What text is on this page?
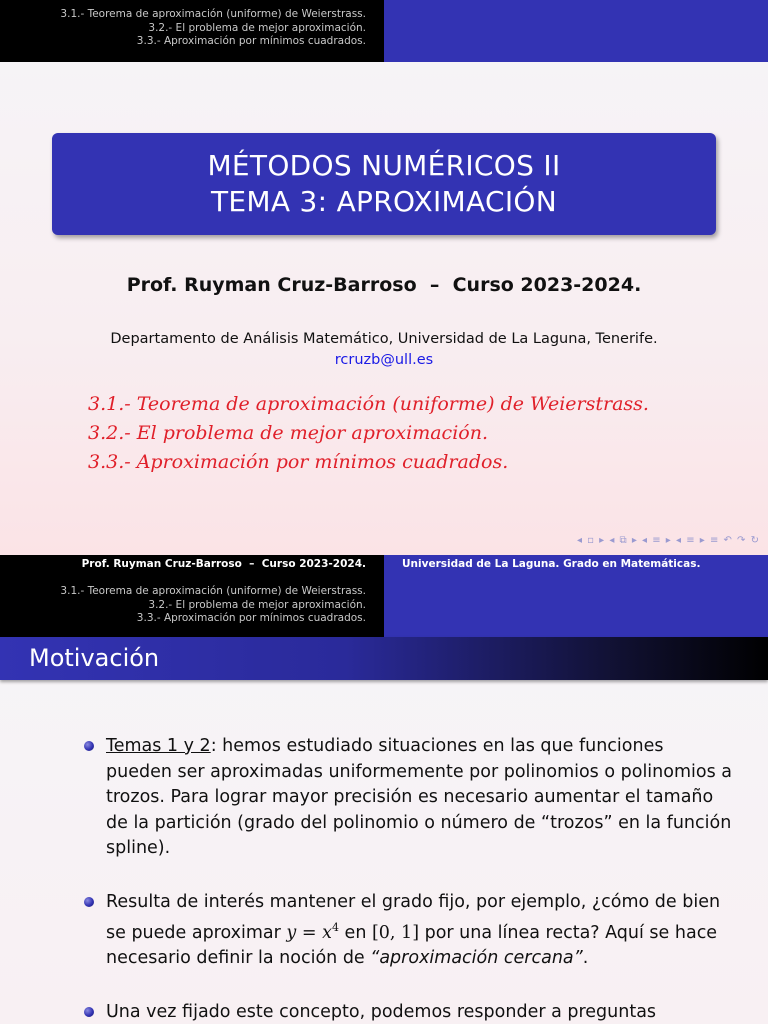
3.1.- Teorema de aproximación (uniforme) de Weierstrass.
3.2.- El problema de mejor aproximación.
3.3.- Aproximación por mínimos cuadrados.
MÉTODOS NUMÉRICOS II
TEMA 3: APROXIMACIÓN
Prof. Ruyman Cruz-Barroso  –  Curso 2023-2024.
Departamento de Análisis Matemático, Universidad de La Laguna, Tenerife.
rcruzb@ull.es
3.1.- Teorema de aproximación (uniforme) de Weierstrass.
3.2.- El problema de mejor aproximación.
3.3.- Aproximación por mínimos cuadrados.
◂ ▫ ▸ ◂ ⧉ ▸ ◂ ≡ ▸ ◂ ≡ ▸ ≡ ↶ ↷ ↻
Prof. Ruyman Cruz-Barroso  –  Curso 2023-2024.	Universidad de La Laguna. Grado en Matemáticas.
3.1.- Teorema de aproximación (uniforme) de Weierstrass.
3.2.- El problema de mejor aproximación.
3.3.- Aproximación por mínimos cuadrados.
Motivación

Temas 1 y 2: hemos estudiado situaciones en las que funciones pueden ser aproximadas uniformemente por polinomios o polinomios a trozos. Para lograr mayor precisión es necesario aumentar el tamaño de la partición (grado del polinomio o número de “trozos” en la función spline).

Resulta de interés mantener el grado fijo, por ejemplo, ¿cómo de bien se puede aproximar $y = x^4$ en [0, 1] por una línea recta? Aquí se hace necesario definir la noción de “aproximación cercana”.

Una vez fijado este concepto, podemos responder a preguntas
